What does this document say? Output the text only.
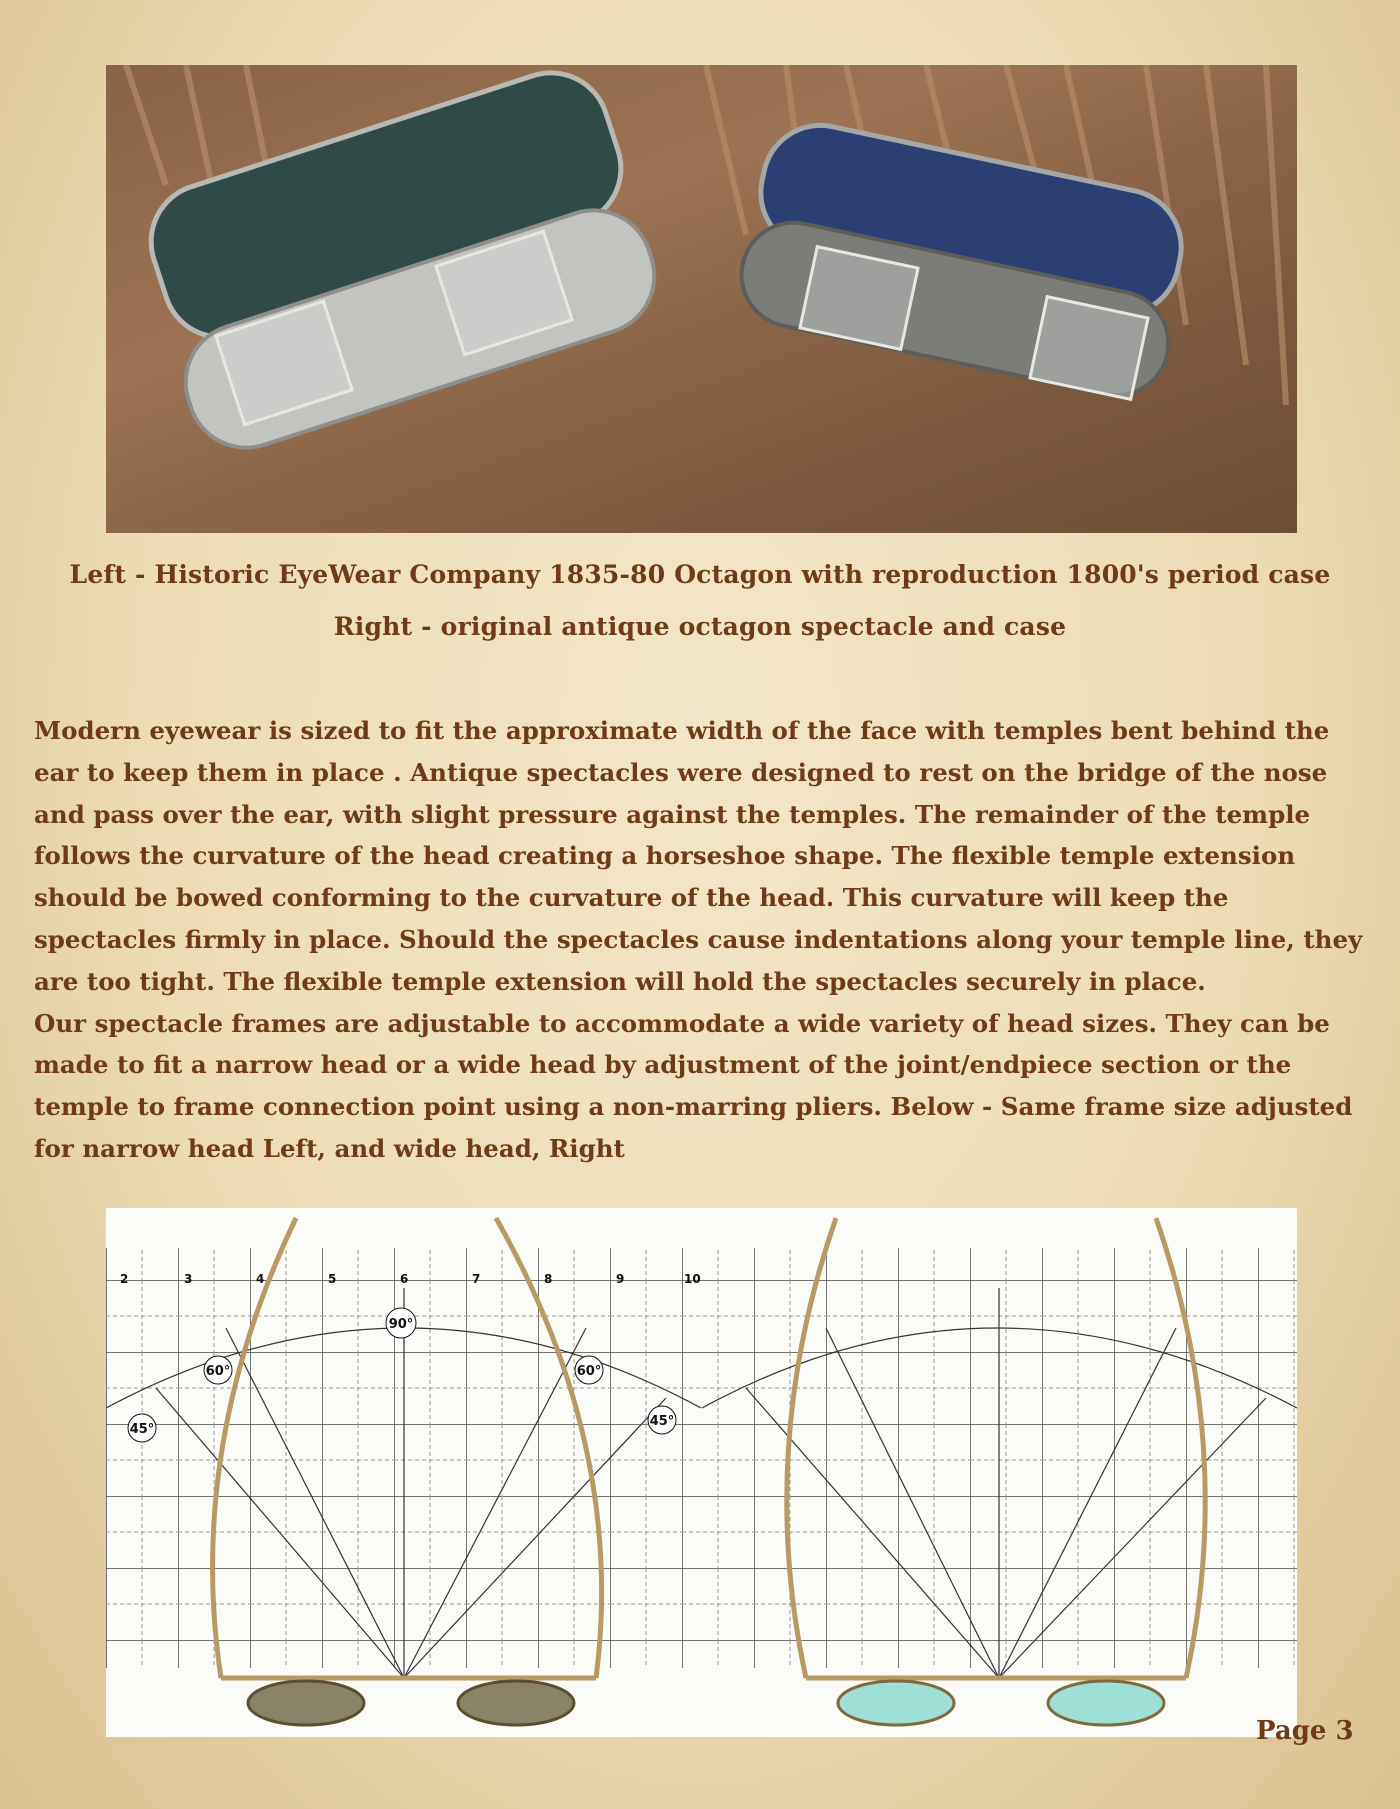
Left - Historic EyeWear Company 1835-80 Octagon with reproduction 1800's period case
Right - original antique octagon spectacle and case

Modern eyewear is sized to fit the approximate width of the face with temples bent behind the ear to keep them in place . Antique spectacles were designed to rest on the bridge of the nose and pass over the ear, with slight pressure against the temples. The remainder of the temple follows the curvature of the head creating a horseshoe shape. The flexible temple extension should be bowed conforming to the curvature of the head. This curvature will keep the spectacles firmly in place. Should the spectacles cause indentations along your temple line, they are too tight. The flexible temple extension will hold the spectacles securely in place.

Our spectacle frames are adjustable to accommodate a wide variety of head sizes. They can be made to fit a narrow head or a wide head by adjustment of the joint/endpiece section or the temple to frame connection point using a non-marring pliers. Below - Same frame size adjusted for narrow head Left, and wide head, Right

90°
60°	60°
45°
45°
2	3	4	5	6	7	8	9	10
Page 3
